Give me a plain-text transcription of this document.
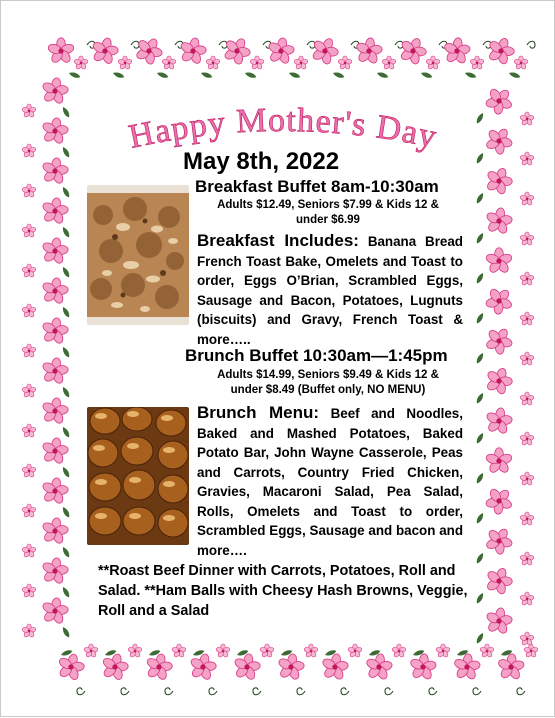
Happy Mother's Day
May 8th, 2022
Breakfast Buffet 8am-10:30am
Adults $12.49, Seniors $7.99 & Kids 12 &
under $6.99
Breakfast Includes: Banana Bread French Toast Bake, Omelets and Toast to order, Eggs O’Brian, Scrambled Eggs, Sausage and Bacon, Potatoes, Lugnuts (biscuits) and Gravy, French Toast & more…..
Brunch Buffet 10:30am—1:45pm
Adults $14.99, Seniors $9.49 & Kids 12 &
under $8.49 (Buffet only, NO MENU)
Brunch Menu: Beef and Noodles, Baked and Mashed Potatoes, Baked Potato Bar, John Wayne Casserole, Peas and Carrots, Country Fried Chicken, Gravies, Macaroni Salad, Pea Salad, Rolls, Omelets and Toast to order, Scrambled Eggs, Sausage and bacon and more….
**Roast Beef Dinner with Carrots, Potatoes, Roll and Salad. **Ham Balls with Cheesy Hash Browns, Veggie, Roll and a Salad
